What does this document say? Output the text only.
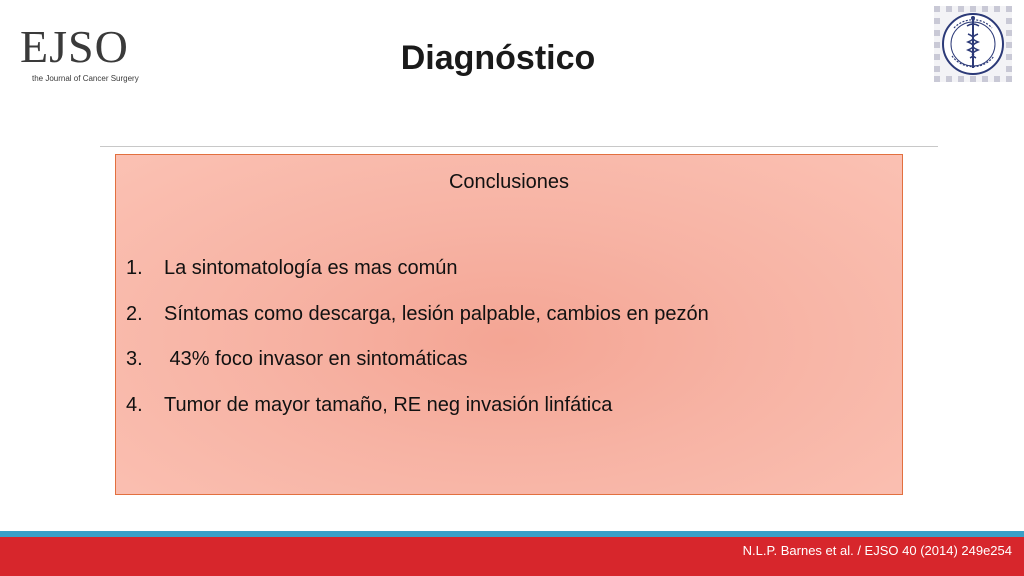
EJSO
the Journal of Cancer Surgery
Diagnóstico
Conclusiones
1. La sintomatología es mas común
2. Síntomas como descarga, lesión palpable, cambios en pezón
3. 43% foco invasor en sintomáticas
4. Tumor de mayor tamaño, RE neg invasión linfática
N.L.P. Barnes et al. / EJSO 40 (2014) 249e254
